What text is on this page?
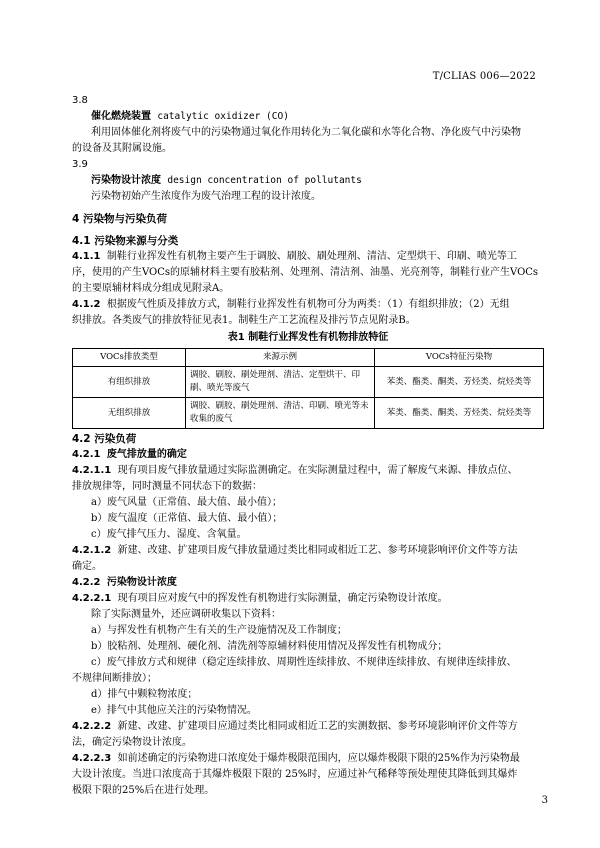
T/CLIAS 006—2022
3.8
催化燃烧装置 catalytic oxidizer (CO)
利用固体催化剂将废气中的污染物通过氧化作用转化为二氧化碳和水等化合物、净化废气中污染物
的设备及其附属设施。
3.9
污染物设计浓度 design concentration of pollutants
污染物初始产生浓度作为废气治理工程的设计浓度。
4 污染物与污染负荷
4.1 污染物来源与分类
4.1.1 制鞋行业挥发性有机物主要产生于调胶、刷胶、刷处理剂、清洁、定型烘干、印刷、喷光等工
序，使用的产生VOCs的原辅材料主要有胶粘剂、处理剂、清洁剂、油墨、光亮剂等，制鞋行业产生VOCs
的主要原辅材料成分组成见附录A。
4.1.2 根据废气性质及排放方式，制鞋行业挥发性有机物可分为两类：（1）有组织排放；（2）无组
织排放。各类废气的排放特征见表1。制鞋生产工艺流程及排污节点见附录B。
表1 制鞋行业挥发性有机物排放特征
VOCs排放类型	来源示例	VOCs特征污染物
有组织排放	调胶、刷胶、刷处理剂、清洁、定型烘干、印刷、喷光等废气	苯类、酯类、酮类、芳烃类、烷烃类等
无组织排放	调胶、刷胶、刷处理剂、清洁、印刷、喷光等未收集的废气	苯类、酯类、酮类、芳烃类、烷烃类等
4.2 污染负荷
4.2.1 废气排放量的确定
4.2.1.1 现有项目废气排放量通过实际监测确定。在实际测量过程中，需了解废气来源、排放点位、
排放规律等，同时测量不同状态下的数据：
a）废气风量（正常值、最大值、最小值）；
b）废气温度（正常值、最大值、最小值）；
c）废气排气压力、湿度、含氧量。
4.2.1.2 新建、改建、扩建项目废气排放量通过类比相同或相近工艺、参考环境影响评价文件等方法
确定。
4.2.2 污染物设计浓度
4.2.2.1 现有项目应对废气中的挥发性有机物进行实际测量，确定污染物设计浓度。
除了实际测量外，还应调研收集以下资料：
a）与挥发性有机物产生有关的生产设施情况及工作制度；
b）胶粘剂、处理剂、硬化剂、清洗剂等原辅材料使用情况及挥发性有机物成分；
c）废气排放方式和规律（稳定连续排放、周期性连续排放、不规律连续排放、有规律连续排放、
不规律间断排放）；
d）排气中颗粒物浓度；
e）排气中其他应关注的污染物情况。
4.2.2.2 新建、改建、扩建项目应通过类比相同或相近工艺的实测数据、参考环境影响评价文件等方
法，确定污染物设计浓度。
4.2.2.3 如前述确定的污染物进口浓度处于爆炸极限范围内，应以爆炸极限下限的25%作为污染物最
大设计浓度。当进口浓度高于其爆炸极限下限的 25%时，应通过补气稀释等预处理使其降低到其爆炸
极限下限的25%后在进行处理。
3
